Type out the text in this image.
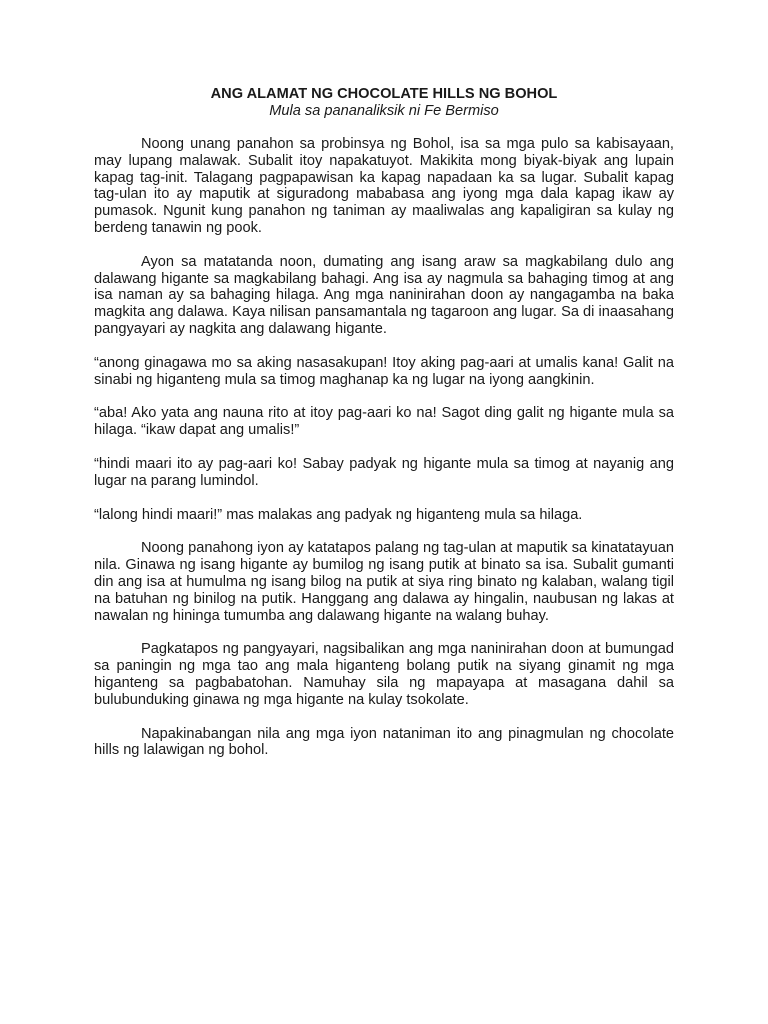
ANG ALAMAT NG CHOCOLATE HILLS NG BOHOL
Mula sa pananaliksik ni Fe Bermiso

Noong unang panahon sa probinsya ng Bohol, isa sa mga pulo sa kabisayaan, may lupang malawak. Subalit itoy napakatuyot. Makikita mong biyak-biyak ang lupain kapag tag-init. Talagang pagpapawisan ka kapag napadaan ka sa lugar. Subalit kapag tag-ulan ito ay maputik at siguradong mababasa ang iyong mga dala kapag ikaw ay pumasok. Ngunit kung panahon ng taniman ay maaliwalas ang kapaligiran sa kulay ng berdeng tanawin ng pook.

Ayon sa matatanda noon, dumating ang isang araw sa magkabilang dulo ang dalawang higante sa magkabilang bahagi. Ang isa ay nagmula sa bahaging timog at ang isa naman ay sa bahaging hilaga. Ang mga naninirahan doon ay nangagamba na baka magkita ang dalawa. Kaya nilisan pansamantala ng tagaroon ang lugar. Sa di inaasahang pangyayari ay nagkita ang dalawang higante.

“anong ginagawa mo sa aking nasasakupan! Itoy aking pag-aari at umalis kana! Galit na sinabi ng higanteng mula sa timog maghanap ka ng lugar na iyong aangkinin.

“aba! Ako yata ang nauna rito at itoy pag-aari ko na! Sagot ding galit ng higante mula sa hilaga. “ikaw dapat ang umalis!”

“hindi maari ito ay pag-aari ko! Sabay padyak ng higante mula sa timog at nayanig ang lugar na parang lumindol.

“lalong hindi maari!” mas malakas ang padyak ng higanteng mula sa hilaga.

Noong panahong iyon ay katatapos palang ng tag-ulan at maputik sa kinatatayuan nila. Ginawa ng isang higante ay bumilog ng isang putik at binato sa isa. Subalit gumanti din ang isa at humulma ng isang bilog na putik at siya ring binato ng kalaban, walang tigil na batuhan ng binilog na putik. Hanggang ang dalawa ay hingalin, naubusan ng lakas at nawalan ng hininga tumumba ang dalawang higante na walang buhay.

Pagkatapos ng pangyayari, nagsibalikan ang mga naninirahan doon at bumungad sa paningin ng mga tao ang mala higanteng bolang putik na siyang ginamit ng mga higanteng sa pagbabatohan. Namuhay sila ng mapayapa at masagana dahil sa bulubunduking ginawa ng mga higante na kulay tsokolate.

Napakinabangan nila ang mga iyon nataniman ito ang pinagmulan ng chocolate hills ng lalawigan ng bohol.
